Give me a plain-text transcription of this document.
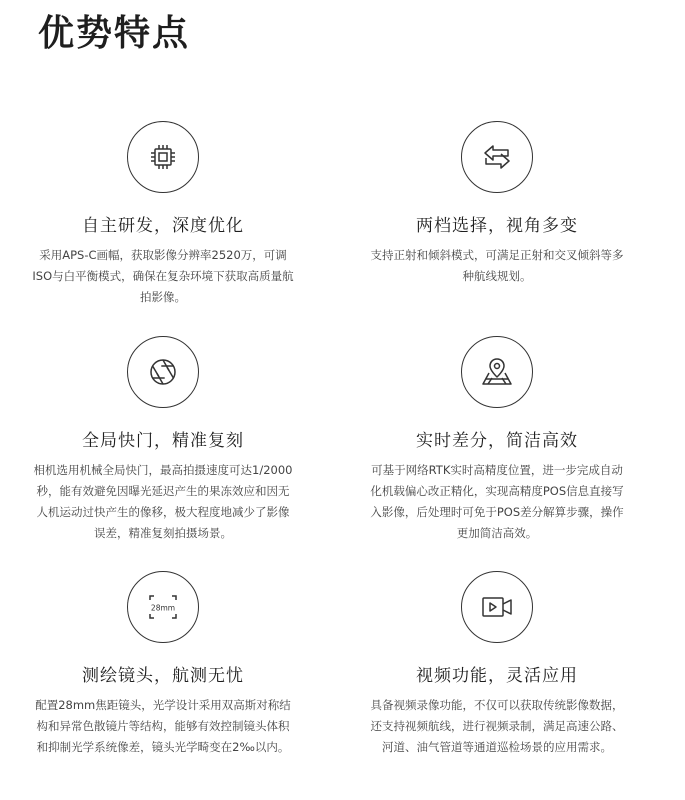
优势特点
自主研发，深度优化

采用APS-C画幅，获取影像分辨率2520万，可调ISO与白平衡模式，确保在复杂环境下获取高质量航拍影像。

两档选择，视角多变

支持正射和倾斜模式，可满足正射和交叉倾斜等多种航线规划。

全局快门，精准复刻

相机选用机械全局快门，最高拍摄速度可达1/2000秒，能有效避免因曝光延迟产生的果冻效应和因无人机运动过快产生的像移，极大程度地减少了影像误差，精准复刻拍摄场景。

实时差分，简洁高效

可基于网络RTK实时高精度位置，进一步完成自动化机载偏心改正精化，实现高精度POS信息直接写入影像，后处理时可免于POS差分解算步骤，操作更加简洁高效。

28mm
测绘镜头，航测无忧

配置28mm焦距镜头，光学设计采用双高斯对称结构和异常色散镜片等结构，能够有效控制镜头体积和抑制光学系统像差，镜头光学畸变在2‰以内。

视频功能，灵活应用

具备视频录像功能，不仅可以获取传统影像数据，还支持视频航线，进行视频录制，满足高速公路、河道、油气管道等通道巡检场景的应用需求。
